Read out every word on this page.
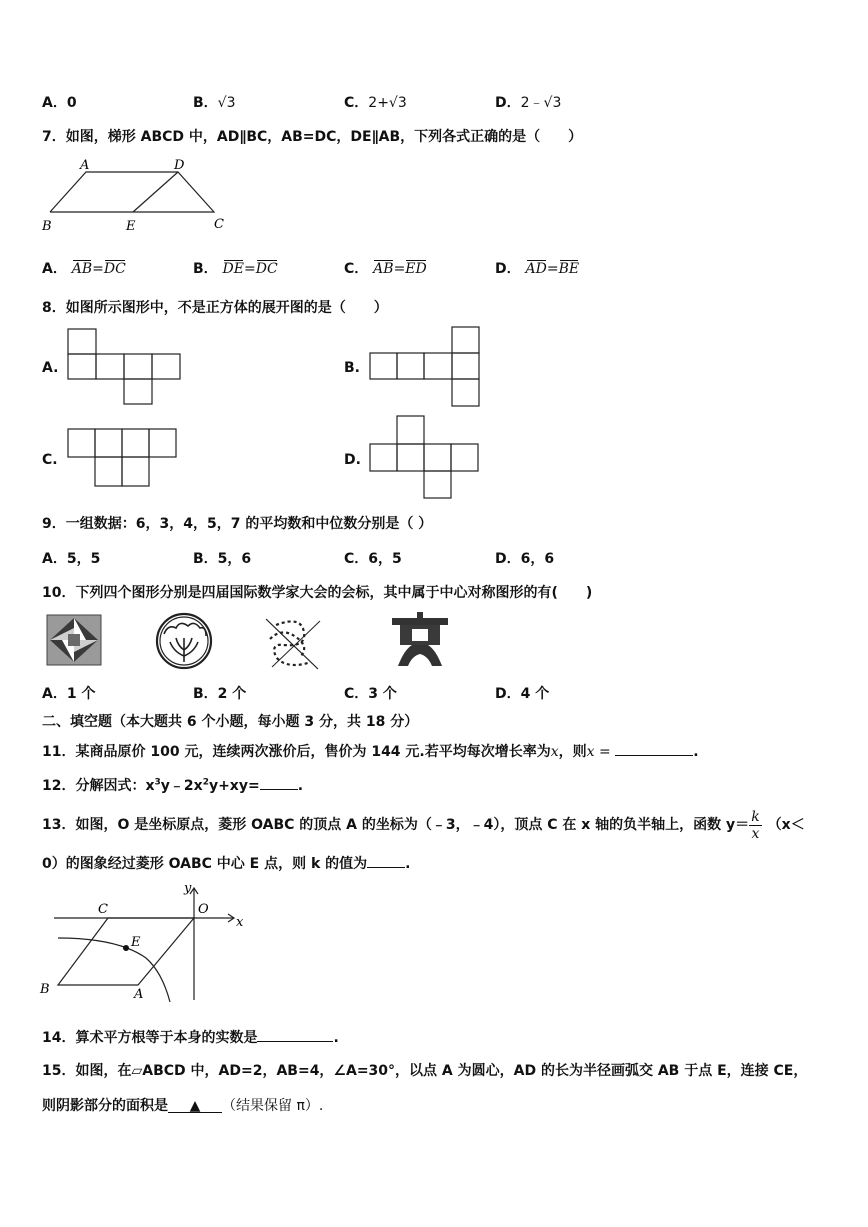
A．0	B．√3	C．2+√3	D．2﹣√3
7．如图，梯形 ABCD 中，AD∥BC，AB=DC，DE∥AB，下列各式正确的是（　　）
A	D
B	E	C
A． AB=DC	B． DE=DC	C． AB=ED	D． AD=BE
8．如图所示图形中，不是正方体的展开图的是（　　）
A.	B.
C.	D.
9．一组数据：6，3，4，5，7 的平均数和中位数分别是（ ）
A．5，5	B．5，6	C．6，5	D．6，6
10．下列四个图形分别是四届国际数学家大会的会标，其中属于中心对称图形的有(　　)
A．1 个	B．2 个	C．3 个	D．4 个
二、填空题（本大题共 6 个小题，每小题 3 分，共 18 分）
11．某商品原价 100 元，连续两次涨价后，售价为 144 元.若平均每次增长率为x，则x =	.
12．分解因式：$x^3y﹣2x^2y+xy=$	.
13．如图，O 是坐标原点，菱形 OABC 的顶点 A 的坐标为（﹣3，﹣4），顶点 C 在 x 轴的负半轴上，函数 $y= \frac{k}{x} (x<$
0）的图象经过菱形 OABC 中心 E 点，则 k 的值为	.
y
x
O
C
E
B	A
14．算术平方根等于本身的实数是	.
15．如图，在▱ABCD 中，AD=2，AB=4，∠A=30°，以点 A 为圆心，AD 的长为半径画弧交 AB 于点 E，连接 CE，
则阴影部分的面积是 ▲ （结果保留 π）.
